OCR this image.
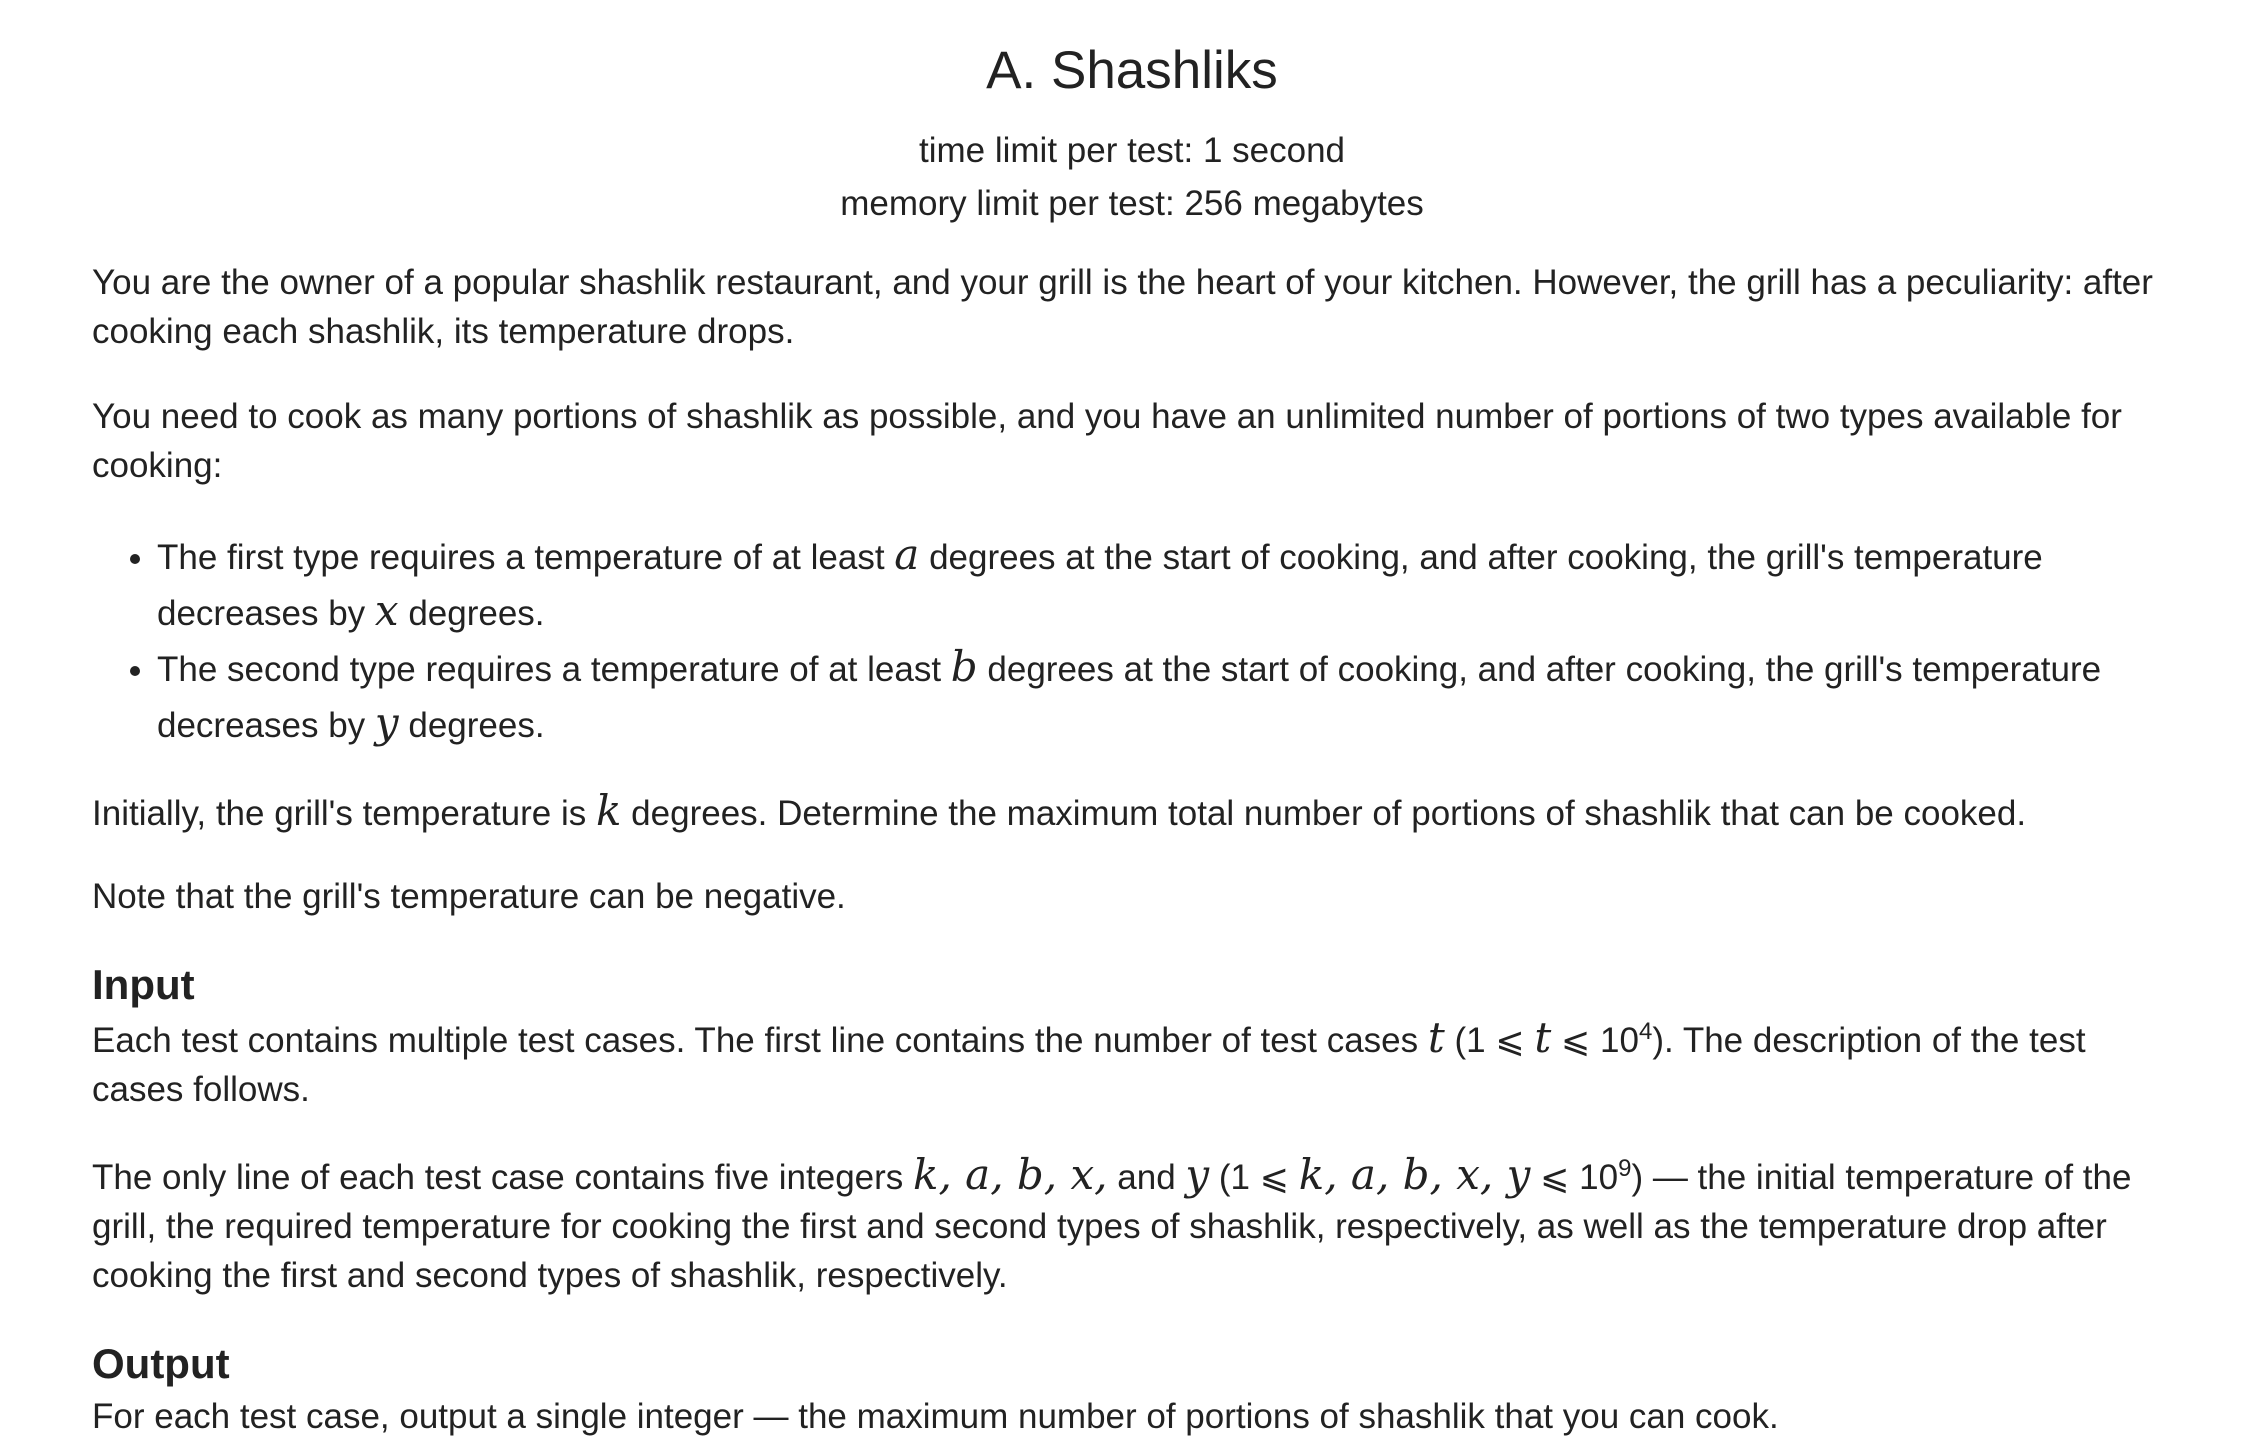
A. Shashliks
time limit per test: 1 second
memory limit per test: 256 megabytes

You are the owner of a popular shashlik restaurant, and your grill is the heart of your kitchen. However, the grill has a peculiarity: after cooking each shashlik, its temperature drops.

You need to cook as many portions of shashlik as possible, and you have an unlimited number of portions of two types available for cooking:

• The first type requires a temperature of at least a degrees at the start of cooking, and after cooking, the grill's temperature decreases by x degrees.
• The second type requires a temperature of at least b degrees at the start of cooking, and after cooking, the grill's temperature decreases by y degrees.

Initially, the grill's temperature is k degrees. Determine the maximum total number of portions of shashlik that can be cooked.

Note that the grill's temperature can be negative.

Input

Each test contains multiple test cases. The first line contains the number of test cases t (1 ⩽ t ⩽ $10^4$). The description of the test cases follows.

The only line of each test case contains five integers k, a, b, x, and y (1 ⩽ k, a, b, x, y ⩽ $10^9$) — the initial temperature of the grill, the required temperature for cooking the first and second types of shashlik, respectively, as well as the temperature drop after cooking the first and second types of shashlik, respectively.

Output

For each test case, output a single integer — the maximum number of portions of shashlik that you can cook.
